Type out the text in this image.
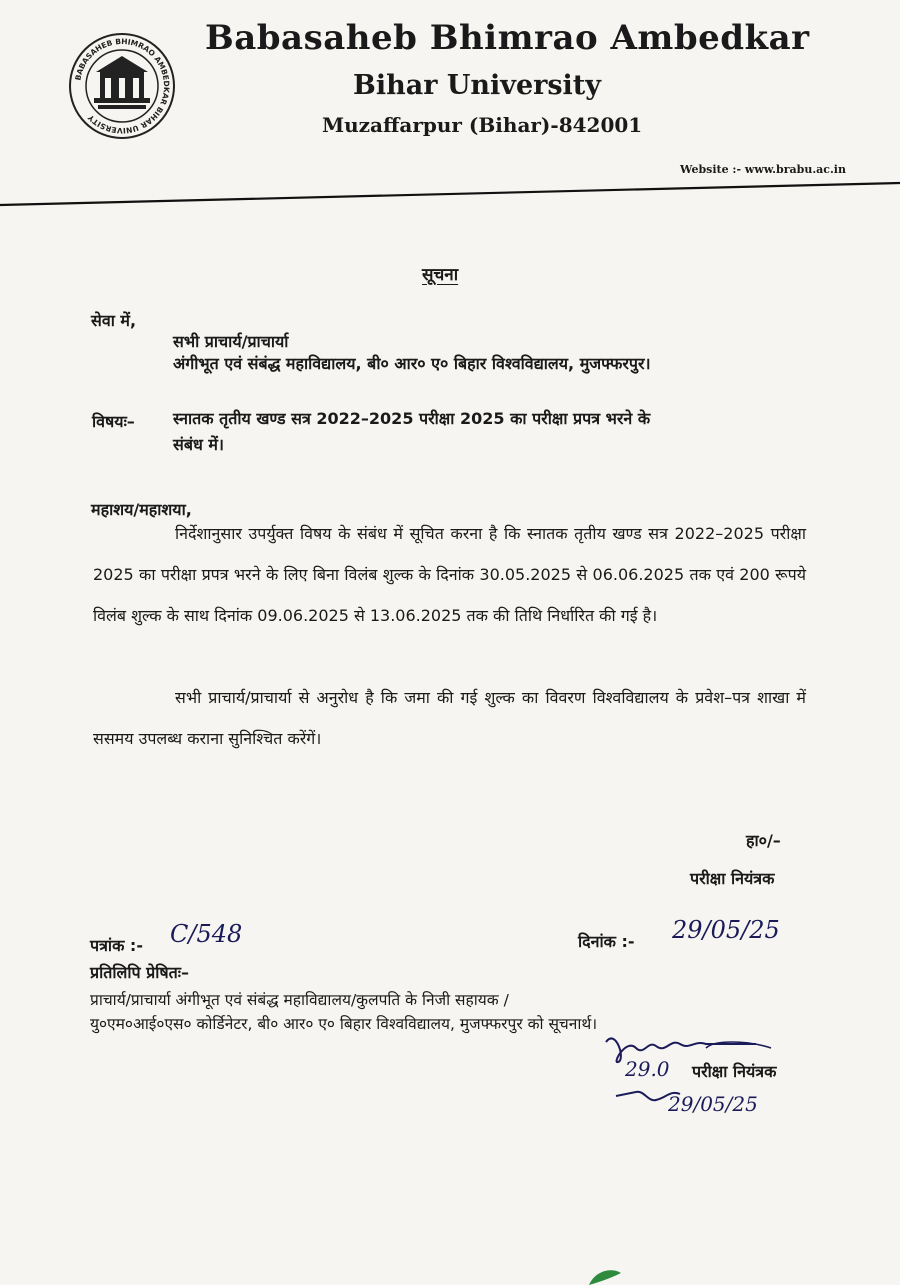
BABASAHEB BHIMRAO AMBEDKAR BIHAR UNIVERSITY
Babasaheb Bhimrao Ambedkar
Bihar University
Muzaffarpur (Bihar)-842001
Website :- www.brabu.ac.in
सूचना

सेवा में,

सभी प्राचार्य/प्राचार्या

अंगीभूत एवं संबंद्ध महाविद्यालय, बी० आर० ए० बिहार विश्वविद्यालय, मुजफ्फरपुर।

विषयः– स्नातक तृतीय खण्ड सत्र 2022–2025 परीक्षा 2025 का परीक्षा प्रपत्र भरने के

संबंध में।

महाशय/महाशया,

निर्देशानुसार उपर्युक्त विषय के संबंध में सूचित करना है कि स्नातक तृतीय खण्ड सत्र 2022–2025 परीक्षा 2025 का परीक्षा प्रपत्र भरने के लिए बिना विलंब शुल्क के दिनांक 30.05.2025 से 06.06.2025 तक एवं 200 रूपये विलंब शुल्क के साथ दिनांक 09.06.2025 से 13.06.2025 तक की तिथि निर्धारित की गई है।

सभी प्राचार्य/प्राचार्या से अनुरोध है कि जमा की गई शुल्क का विवरण विश्वविद्यालय के प्रवेश–पत्र शाखा में ससमय उपलब्ध कराना सुनिश्चित करेंगें।

हा०/–

परीक्षा नियंत्रक

पत्रांक :- C/548	दिनांक :- 29/05/25

प्रतिलिपि प्रेषितः–

प्राचार्य/प्राचार्या अंगीभूत एवं संबंद्ध महाविद्यालय/कुलपति के निजी सहायक /

यु०एम०आई०एस० कोर्डिनेटर, बी० आर० ए० बिहार विश्वविद्यालय, मुजफ्फरपुर को सूचनार्थ।

29.0 परीक्षा नियंत्रक

29/05/25
